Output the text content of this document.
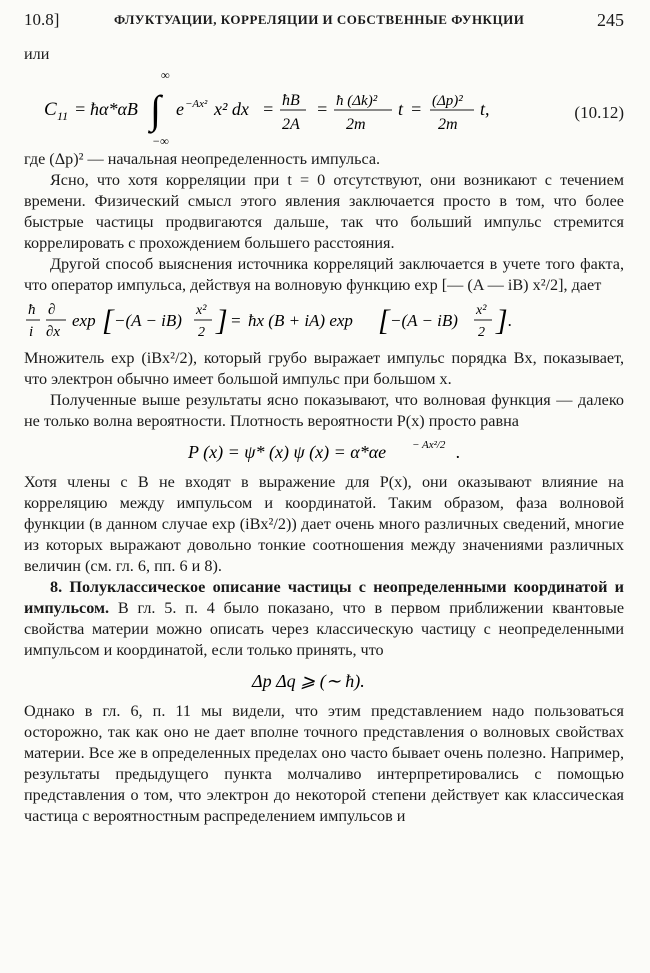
10.8]	ФЛУКТУАЦИИ, КОРРЕЛЯЦИИ И СОБСТВЕННЫЕ ФУНКЦИИ	245

или

C 11 = ħα*αB ∫
∞
−∞
e −Ax² x² dx = ħB
2A
= ħ (Δk)²
2m
t = (Δp)²
2m
t,	(10.12)

где (Δp)² — начальная неопределенность импульса.

Ясно, что хотя корреляции при t = 0 отсутствуют, они возникают с течением времени. Физический смысл этого явления заключается просто в том, что более быстрые частицы продвигаются дальше, так что больший импульс стремится коррелировать с прохождением большего расстояния.

Другой способ выяснения источника корреляций заключается в учете того факта, что оператор импульса, действуя на волновую функцию exp [— (A — iB) x²/2], дает

ħ
i
∂
∂x
exp [ −(A − iB)
x²
2 ] = ħx (B + iA) exp [ −(A − iB)
x²
2 ] .

Множитель exp (iBx²/2), который грубо выражает импульс порядка Bx, показывает, что электрон обычно имеет большой импульс при большом x.

Полученные выше результаты ясно показывают, что волновая функция — далеко не только волна вероятности. Плотность вероятности P(x) просто равна

P (x) = ψ* (x) ψ (x) = α*αe − Ax²/2 .

Хотя члены с B не входят в выражение для P(x), они оказывают влияние на корреляцию между импульсом и координатой. Таким образом, фаза волновой функции (в данном случае exp (iBx²/2)) дает очень много различных сведений, многие из которых выражают довольно тонкие соотношения между значениями различных величин (см. гл. 6, пп. 6 и 8).

8. Полуклассическое описание частицы с неопределенными координатой и импульсом. В гл. 5. п. 4 было показано, что в первом приближении квантовые свойства материи можно описать через классическую частицу с неопределенными импульсом и координатой, если только принять, что

Δp Δq ⩾ (∼ ħ).

Однако в гл. 6, п. 11 мы видели, что этим представлением надо пользоваться осторожно, так как оно не дает вполне точного представления о волновых свойствах материи. Все же в определенных пределах оно часто бывает очень полезно. Например, результаты предыдущего пункта молчаливо интерпретировались с помощью представления о том, что электрон до некоторой степени действует как классическая частица с вероятностным распределением импульсов и
